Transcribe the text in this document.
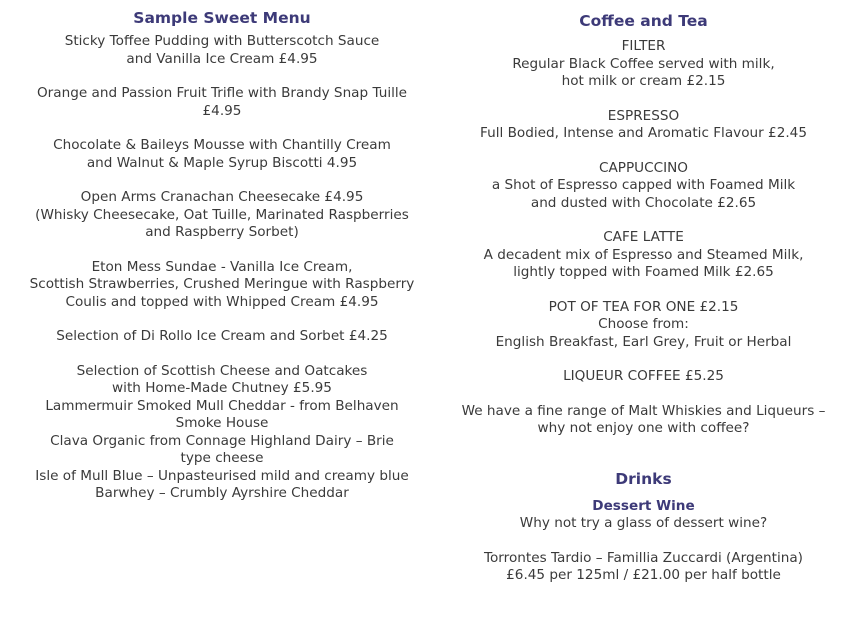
Sample Sweet Menu
Sticky Toffee Pudding with Butterscotch Sauce
and Vanilla Ice Cream £4.95
Orange and Passion Fruit Trifle with Brandy Snap Tuille
£4.95
Chocolate & Baileys Mousse with Chantilly Cream
and Walnut & Maple Syrup Biscotti 4.95
Open Arms Cranachan Cheesecake £4.95
(Whisky Cheesecake, Oat Tuille, Marinated Raspberries
and Raspberry Sorbet)
Eton Mess Sundae - Vanilla Ice Cream,
Scottish Strawberries, Crushed Meringue with Raspberry
Coulis and topped with Whipped Cream £4.95
Selection of Di Rollo Ice Cream and Sorbet £4.25
Selection of Scottish Cheese and Oatcakes
with Home-Made Chutney £5.95
Lammermuir Smoked Mull Cheddar - from Belhaven
Smoke House
Clava Organic from Connage Highland Dairy – Brie
type cheese
Isle of Mull Blue – Unpasteurised mild and creamy blue
Barwhey – Crumbly Ayrshire Cheddar
Coffee and Tea
FILTER
Regular Black Coffee served with milk,
hot milk or cream £2.15
ESPRESSO
Full Bodied, Intense and Aromatic Flavour £2.45
CAPPUCCINO
a Shot of Espresso capped with Foamed Milk
and dusted with Chocolate £2.65
CAFE LATTE
A decadent mix of Espresso and Steamed Milk,
lightly topped with Foamed Milk £2.65
POT OF TEA FOR ONE £2.15
Choose from:
English Breakfast, Earl Grey, Fruit or Herbal
LIQUEUR COFFEE £5.25
We have a fine range of Malt Whiskies and Liqueurs –
why not enjoy one with coffee?
Drinks
Dessert Wine
Why not try a glass of dessert wine?
Torrontes Tardio – Famillia Zuccardi (Argentina)
£6.45 per 125ml / £21.00 per half bottle
